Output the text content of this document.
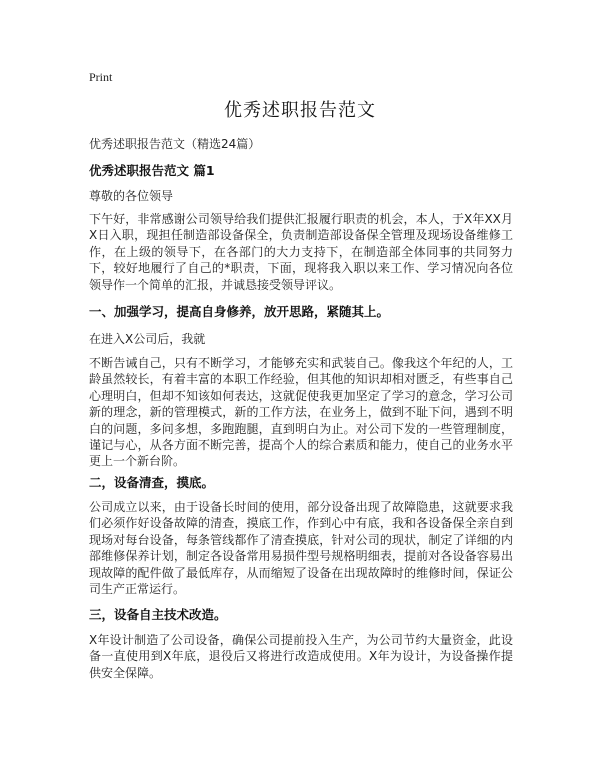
Print
优秀述职报告范文
优秀述职报告范文（精选24篇）
优秀述职报告范文 篇1
尊敬的各位领导

下午好，非常感谢公司领导给我们提供汇报履行职责的机会，本人，于X年XX月X日入职，现担任制造部设备保全，负责制造部设备保全管理及现场设备维修工作，在上级的领导下，在各部门的大力支持下，在制造部全体同事的共同努力下，较好地履行了自己的*职责，下面，现将我入职以来工作、学习情况向各位领导作一个简单的汇报，并诚恳接受领导评议。

一、加强学习，提高自身修养，放开思路，紧随其上。
在进入X公司后，我就

不断告诫自己，只有不断学习，才能够充实和武装自己。像我这个年纪的人，工龄虽然较长，有着丰富的本职工作经验，但其他的知识却相对匮乏，有些事自己心理明白，但却不知该如何表达，这就促使我更加坚定了学习的意念，学习公司新的理念，新的管理模式，新的工作方法，在业务上，做到不耻下问，遇到不明白的问题，多问多想，多跑跑腿，直到明白为止。对公司下发的一些管理制度，谨记与心，从各方面不断完善，提高个人的综合素质和能力，使自己的业务水平更上一个新台阶。

二，设备清查，摸底。

公司成立以来，由于设备长时间的使用，部分设备出现了故障隐患，这就要求我们必须作好设备故障的清查，摸底工作，作到心中有底，我和各设备保全亲自到现场对每台设备，每条管线都作了清查摸底，针对公司的现状，制定了详细的内部维修保养计划，制定各设备常用易损件型号规格明细表，提前对各设备容易出现故障的配件做了最低库存，从而缩短了设备在出现故障时的维修时间，保证公司生产正常运行。

三，设备自主技术改造。

X年设计制造了公司设备，确保公司提前投入生产，为公司节约大量资金，此设备一直使用到X年底，退役后又将进行改造成使用。X年为设计，为设备操作提供安全保障。
